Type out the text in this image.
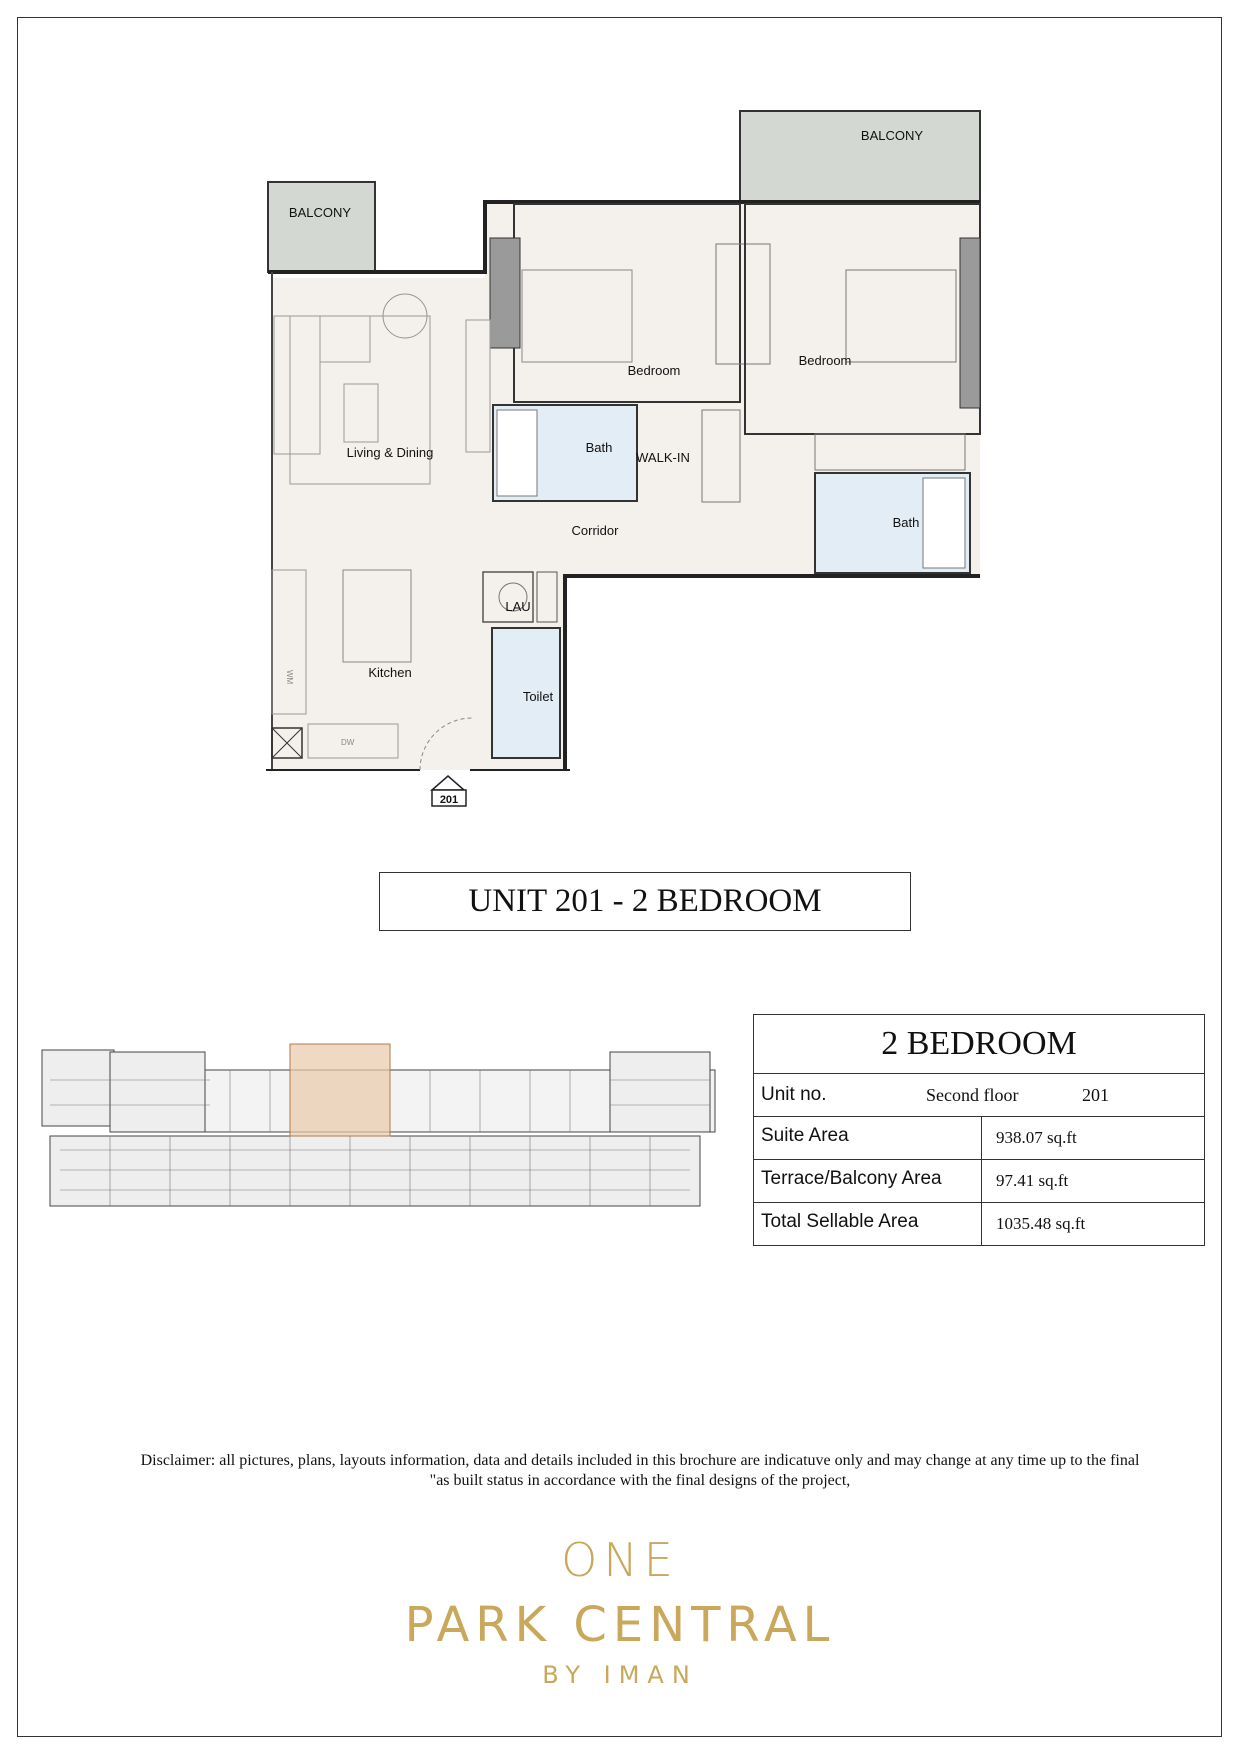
201
BALCONY
BALCONY
Bedroom
Bedroom
Living & Dining	Bath
WALK-IN
Bath
Corridor
LAU
Kitchen
Toilet
WM
DW
UNIT 201 - 2 BEDROOM
2 BEDROOM	

Unit no. Second floor 201	

Suite Area	938.07 sq.ft
Terrace/Balcony Area	97.41 sq.ft
Total Sellable Area	1035.48 sq.ft
Disclaimer: all pictures, plans, layouts information, data and details included in this brochure are indicatuve only and may change at any time up to the final
"as built status in accordance with the final designs of the project,
ONE
PARK CENTRAL
BY IMAN
